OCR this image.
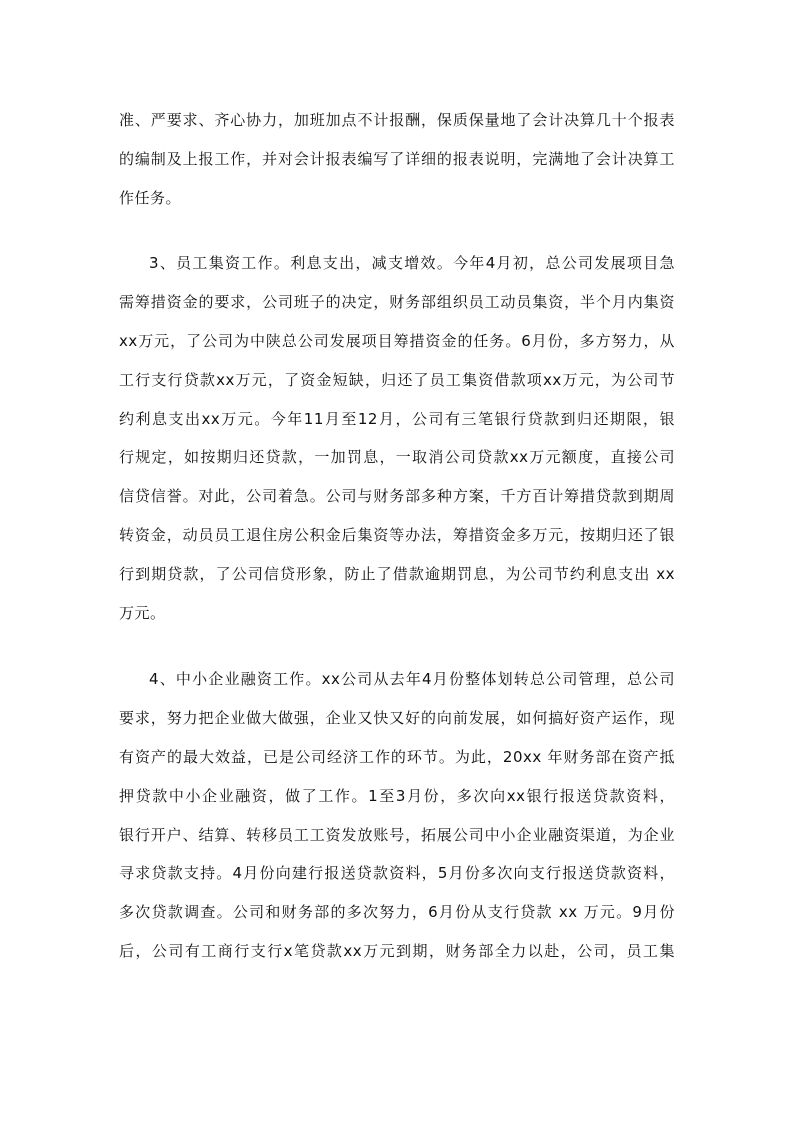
准、严要求、齐心协力，加班加点不计报酬，保质保量地了会计决算几十个报表
的编制及上报工作，并对会计报表编写了详细的报表说明，完满地了会计决算工
作任务。
3、员工集资工作。利息支出，减支增效。今年4月初，总公司发展项目急
需筹措资金的要求，公司班子的决定，财务部组织员工动员集资，半个月内集资
xx万元，了公司为中陕总公司发展项目筹措资金的任务。6月份，多方努力，从
工行支行贷款xx万元，了资金短缺，归还了员工集资借款项xx万元，为公司节
约利息支出xx万元。今年11月至12月，公司有三笔银行贷款到归还期限，银
行规定，如按期归还贷款，一加罚息，一取消公司贷款xx万元额度，直接公司
信贷信誉。对此，公司着急。公司与财务部多种方案，千方百计筹措贷款到期周
转资金，动员员工退住房公积金后集资等办法，筹措资金多万元，按期归还了银
行到期贷款，了公司信贷形象，防止了借款逾期罚息，为公司节约利息支出 xx
万元。
4、中小企业融资工作。xx公司从去年4月份整体划转总公司管理，总公司
要求，努力把企业做大做强，企业又快又好的向前发展，如何搞好资产运作，现
有资产的最大效益，已是公司经济工作的环节。为此，20xx 年财务部在资产抵
押贷款中小企业融资，做了工作。1至3月份，多次向xx银行报送贷款资料，
银行开户、结算、转移员工工资发放账号，拓展公司中小企业融资渠道，为企业
寻求贷款支持。4月份向建行报送贷款资料，5月份多次向支行报送贷款资料，
多次贷款调查。公司和财务部的多次努力，6月份从支行贷款 xx 万元。9月份
后，公司有工商行支行x笔贷款xx万元到期，财务部全力以赴，公司，员工集
